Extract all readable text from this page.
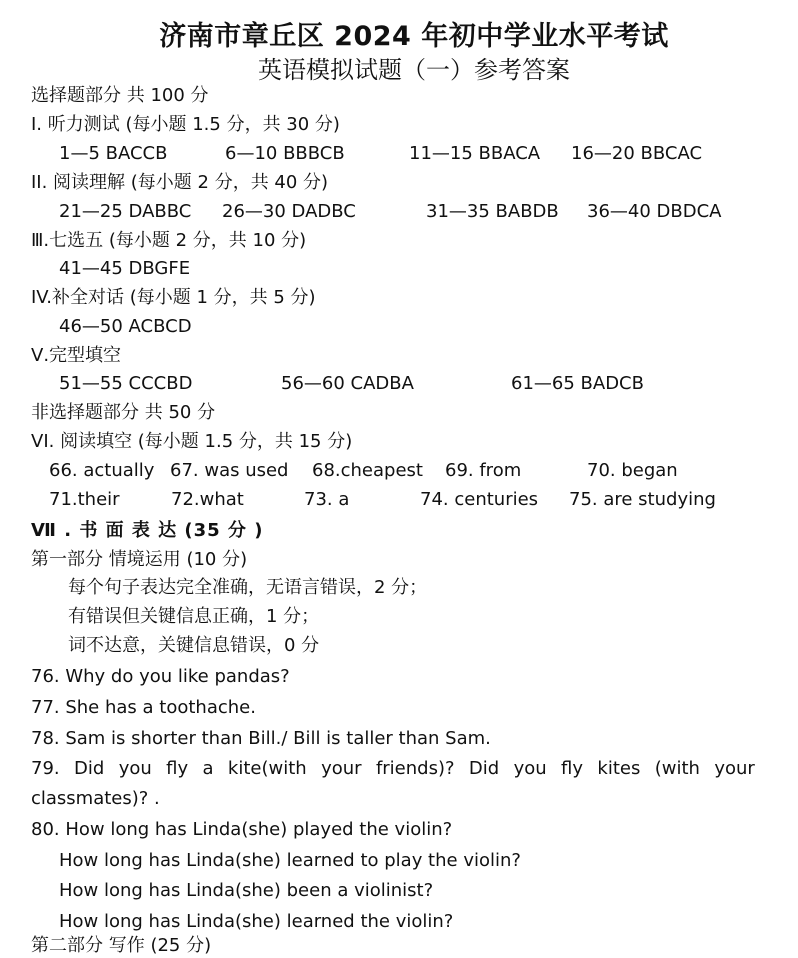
济南市章丘区 2024 年初中学业水平考试
英语模拟试题（一）参考答案
选择题部分 共 100 分
I. 听力测试 (每小题 1.5 分，共 30 分)
1—5 BACCB	6—10 BBBCB	11—15 BBACA 16—20 BBCAC
II. 阅读理解 (每小题 2 分，共 40 分)
21—25 DABBC 26—30 DADBC	31—35 BABDB 36—40 DBDCA
Ⅲ.七选五 (每小题 2 分，共 10 分)
41—45 DBGFE
IV.补全对话 (每小题 1 分，共 5 分)
46—50 ACBCD
Ⅴ.完型填空
51—55 CCCBD	56—60 CADBA	61—65 BADCB
非选择题部分 共 50 分
VI. 阅读填空 (每小题 1.5 分，共 15 分)
66. actually 67. was used 68.cheapest 69. from	70. began
71.their	72.what	73. a	74. centuries 75. are studying
Ⅶ . 书 面 表 达 (35 分 )
第一部分 情境运用 (10 分)
每个句子表达完全准确，无语言错误，2 分；
有错误但关键信息正确，1 分；
词不达意，关键信息错误，0 分
76. Why do you like pandas?
77. She has a toothache.
78. Sam is shorter than Bill./ Bill is taller than Sam.
79. Did you fly a kite(with your friends)? Did you fly kites (with your
classmates)? .
80. How long has Linda(she) played the violin?
How long has Linda(she) learned to play the violin?
How long has Linda(she) been a violinist?
How long has Linda(she) learned the violin?
第二部分 写作 (25 分)
